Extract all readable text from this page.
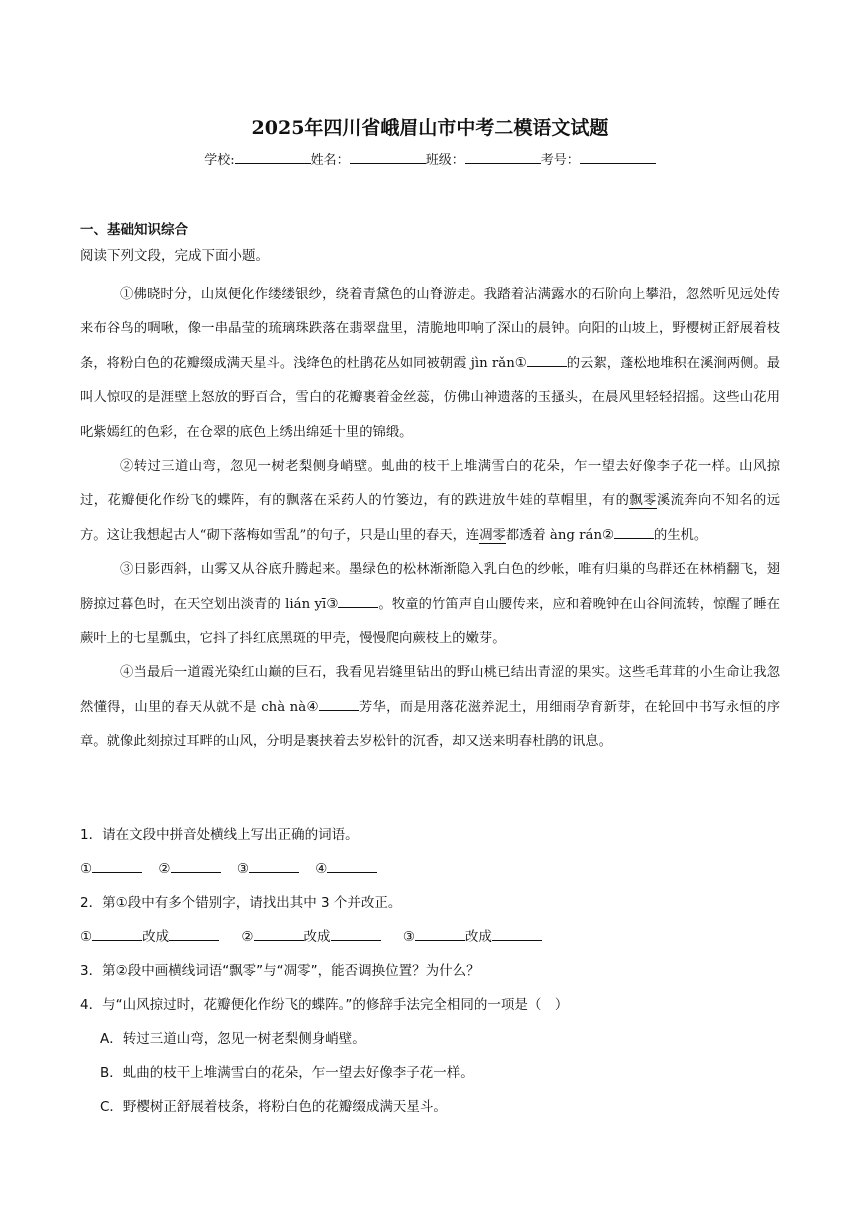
2025年四川省峨眉山市中考二模语文试题
学校:	姓名：	班级：	考号：
一、基础知识综合
阅读下列文段，完成下面小题。

①佛晓时分，山岚便化作缕缕银纱，绕着青黛色的山脊游走。我踏着沾满露水的石阶向上攀沿，忽然听见远处传来布谷鸟的啁啾，像一串晶莹的琉璃珠跌落在翡翠盘里，清脆地叩响了深山的晨钟。向阳的山坡上，野樱树正舒展着枝条，将粉白色的花瓣缀成满天星斗。浅绛色的杜鹃花丛如同被朝霞 jìn rǎn①	的云絮，蓬松地堆积在溪涧两侧。最叫人惊叹的是涯壁上怒放的野百合，雪白的花瓣裹着金丝蕊，仿佛山神遗落的玉搔头，在晨风里轻轻招摇。这些山花用叱紫嫣红的色彩，在仓翠的底色上绣出绵延十里的锦缎。

②转过三道山弯，忽见一树老梨侧身峭壁。虬曲的枝干上堆满雪白的花朵，乍一望去好像李子花一样。山风掠过，花瓣便化作纷飞的蝶阵，有的飘落在采药人的竹篓边，有的跌进放牛娃的草帽里，有的飘零溪流奔向不知名的远方。这让我想起古人“砌下落梅如雪乱”的句子，只是山里的春天，连凋零都透着 àng rán②	的生机。

③日影西斜，山雾又从谷底升腾起来。墨绿色的松林渐渐隐入乳白色的纱帐，唯有归巢的鸟群还在林梢翻飞，翅膀掠过暮色时，在天空划出淡青的 lián yī③	。牧童的竹笛声自山腰传来，应和着晚钟在山谷间流转，惊醒了睡在蕨叶上的七星瓢虫，它抖了抖红底黑斑的甲壳，慢慢爬向蕨枝上的嫩芽。

④当最后一道霞光染红山巅的巨石，我看见岩缝里钻出的野山桃已结出青涩的果实。这些毛茸茸的小生命让我忽然懂得，山里的春天从就不是 chà nà④	芳华，而是用落花滋养泥土，用细雨孕育新芽，在轮回中书写永恒的序章。就像此刻掠过耳畔的山风，分明是裹挟着去岁松针的沉香，却又送来明春杜鹃的讯息。

1．请在文段中拼音处横线上写出正确的词语。

①	②	③	④

2．第①段中有多个错别字，请找出其中 3 个并改正。

①	改成	②	改成	③	改成

3．第②段中画横线词语“飘零”与“凋零”，能否调换位置？为什么？

4．与“山风掠过时，花瓣便化作纷飞的蝶阵。”的修辞手法完全相同的一项是（　）

A．转过三道山弯，忽见一树老梨侧身峭壁。

B．虬曲的枝干上堆满雪白的花朵，乍一望去好像李子花一样。

C．野樱树正舒展着枝条，将粉白色的花瓣缀成满天星斗。
